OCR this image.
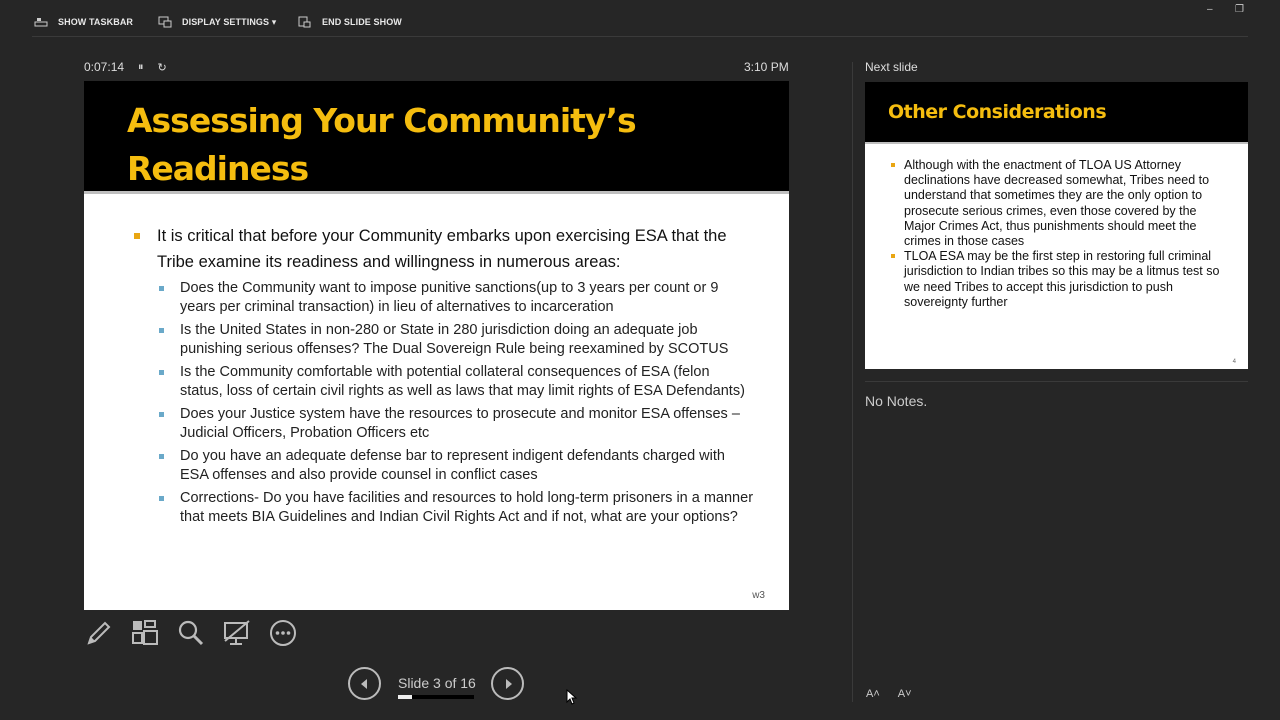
SHOW TASKBAR	DISPLAY SETTINGS ▾	END SLIDE SHOW
– ❐
0:07:14 ⏸ ↻	3:10 PM
Assessing Your Community’s
Readiness
It is critical that before your Community embarks upon exercising ESA that the Tribe examine its readiness and willingness in numerous areas:
Does the Community want to impose punitive sanctions(up to 3 years per count or 9 years per criminal transaction) in lieu of alternatives to incarceration
Is the United States in non-280 or State in 280 jurisdiction doing an adequate job punishing serious offenses? The Dual Sovereign Rule being reexamined by SCOTUS
Is the Community comfortable with potential collateral consequences of ESA (felon status, loss of certain civil rights as well as laws that may limit rights of ESA Defendants)
Does your Justice system have the resources to prosecute and monitor ESA offenses – Judicial Officers, Probation Officers etc
Do you have an adequate defense bar to represent indigent defendants charged with ESA offenses and also provide counsel in conflict cases
Corrections- Do you have facilities and resources to hold long-term prisoners in a manner that meets BIA Guidelines and Indian Civil Rights Act and if not, what are your options?
w3
Slide 3 of 16
Next slide
Other Considerations
Although with the enactment of TLOA US Attorney declinations have decreased somewhat, Tribes need to understand that sometimes they are the only option to prosecute serious crimes, even those covered by the Major Crimes Act, thus punishments should meet the crimes in those cases
TLOA ESA may be the first step in restoring full criminal jurisdiction to Indian tribes so this may be a litmus test so we need Tribes to accept this jurisdiction to push sovereignty further
4
No Notes.
A˄ A˅
